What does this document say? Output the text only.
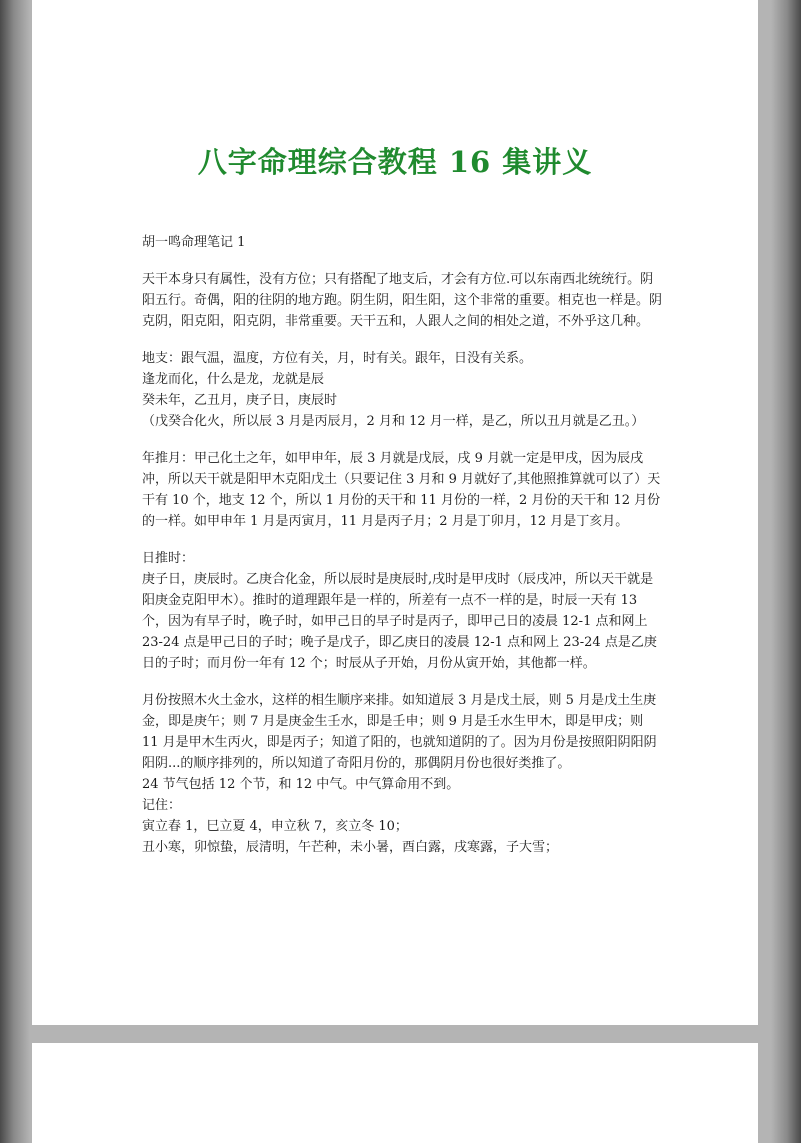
八字命理综合教程 16 集讲义

胡一鸣命理笔记 1

天干本身只有属性，没有方位；只有搭配了地支后，才会有方位.可以东南西北统统行。阴阳五行。奇偶，阳的往阴的地方跑。阴生阴，阳生阳，这个非常的重要。相克也一样是。阴克阴，阳克阳，阳克阴，非常重要。天干五和，人跟人之间的相处之道，不外乎这几种。

地支：跟气温，温度，方位有关，月，时有关。跟年，日没有关系。

逢龙而化，什么是龙，龙就是辰

癸未年，乙丑月，庚子日，庚辰时

（戊癸合化火，所以辰 3 月是丙辰月，2 月和 12 月一样，是乙，所以丑月就是乙丑。）

年推月：甲己化土之年，如甲申年，辰 3 月就是戊辰，戌 9 月就一定是甲戌，因为辰戌冲，所以天干就是阳甲木克阳戊土（只要记住 3 月和 9 月就好了,其他照推算就可以了）天干有 10 个，地支 12 个，所以 1 月份的天干和 11 月份的一样，2 月份的天干和 12 月份的一样。如甲申年 1 月是丙寅月，11 月是丙子月；2 月是丁卯月，12 月是丁亥月。

日推时：

庚子日，庚辰时。乙庚合化金，所以辰时是庚辰时,戌时是甲戌时（辰戌冲，所以天干就是阳庚金克阳甲木）。推时的道理跟年是一样的，所差有一点不一样的是，时辰一天有 13 个，因为有早子时，晚子时，如甲己日的早子时是丙子，即甲己日的凌晨 12-1 点和网上 23-24 点是甲己日的子时；晚子是戊子，即乙庚日的凌晨 12-1 点和网上 23-24 点是乙庚日的子时；而月份一年有 12 个；时辰从子开始，月份从寅开始，其他都一样。

月份按照木火土金水，这样的相生顺序来排。如知道辰 3 月是戊土辰，则 5 月是戊土生庚金，即是庚午；则 7 月是庚金生壬水，即是壬申；则 9 月是壬水生甲木，即是甲戌；则 11 月是甲木生丙火，即是丙子；知道了阳的，也就知道阴的了。因为月份是按照阳阴阳阴阳阴...的顺序排列的，所以知道了奇阳月份的，那偶阴月份也很好类推了。

24 节气包括 12 个节，和 12 中气。中气算命用不到。

记住：

寅立春 1，巳立夏 4，申立秋 7，亥立冬 10；

丑小寒，卯惊蛰，辰清明，午芒种，未小暑，酉白露，戌寒露，子大雪；
